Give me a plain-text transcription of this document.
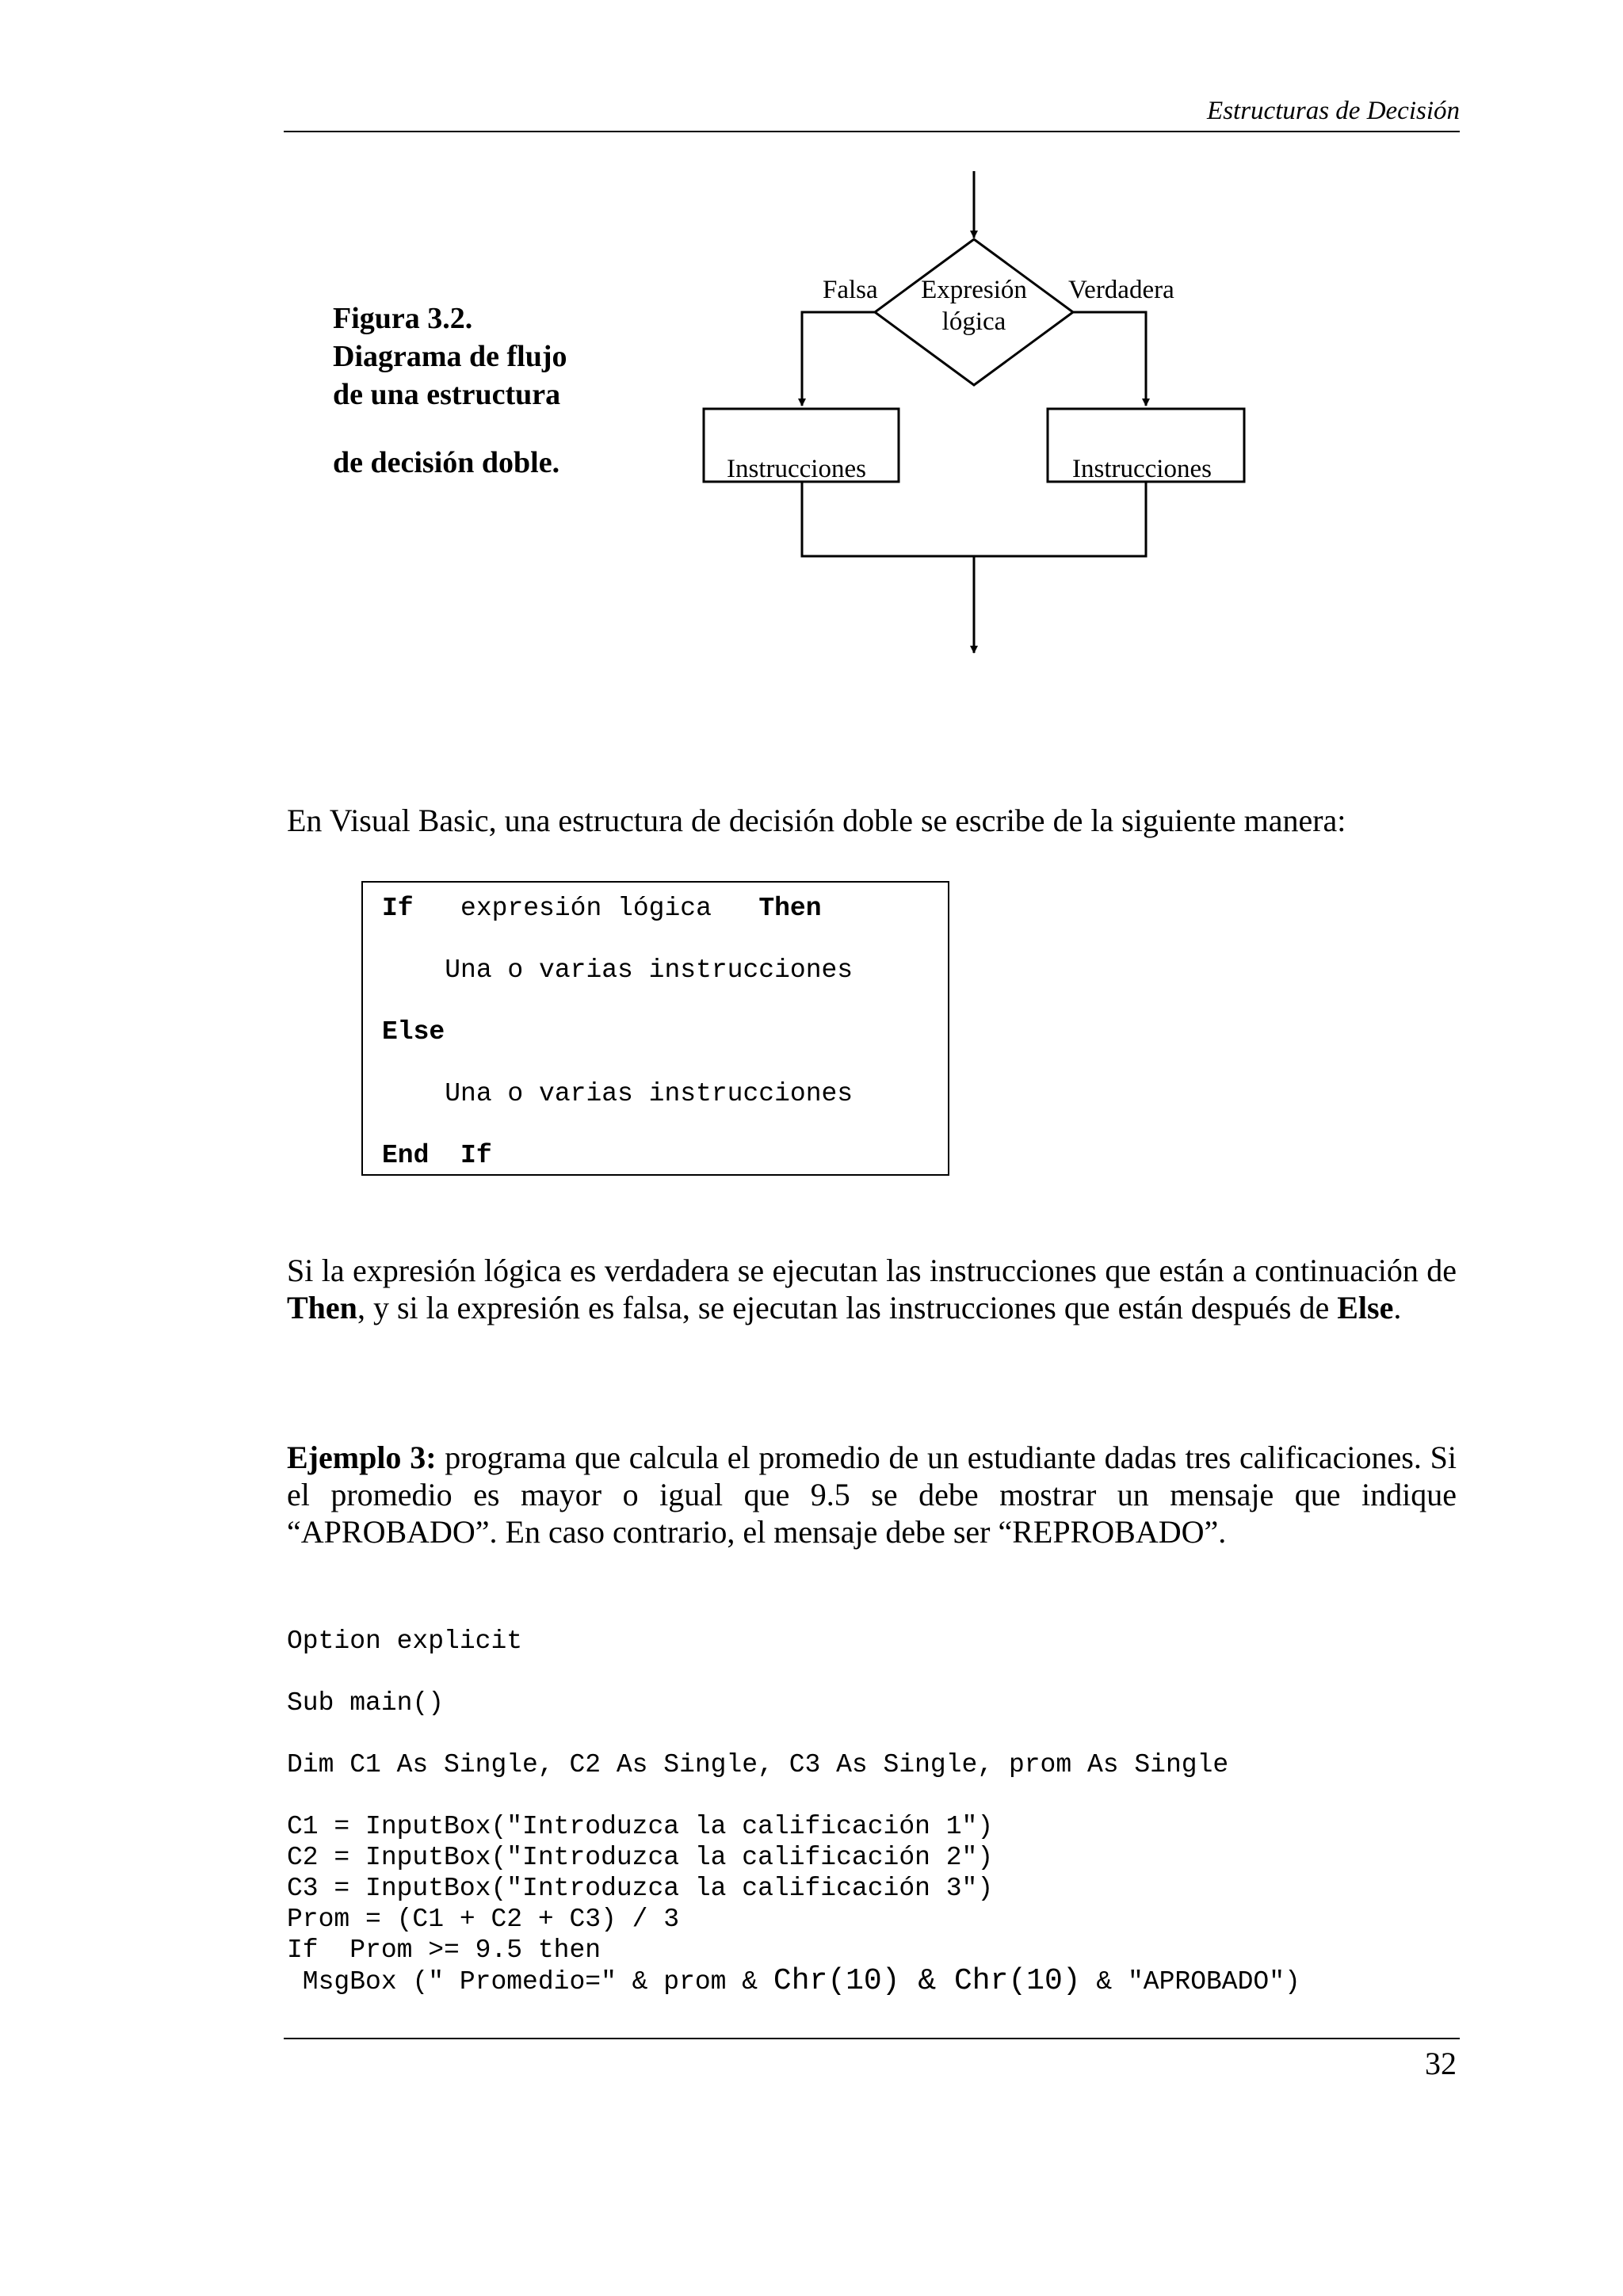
Estructuras de Decisión
Figura 3.2.
Diagrama de flujo
de una estructura
de decisión doble.
Expresión
lógica
Falsa	Verdadera
Instrucciones	Instrucciones
En Visual Basic, una estructura de decisión doble se escribe de la siguiente manera:
If expresión lógica Then
Una o varias instrucciones
Else
Una o varias instrucciones
End  If
Si la expresión lógica es verdadera se ejecutan las instrucciones que están a continuación de Then, y si la expresión es falsa, se ejecutan las instrucciones que están después de Else.
Ejemplo 3: programa que calcula el promedio de un estudiante dadas tres calificaciones. Si el promedio es mayor o igual que 9.5 se debe mostrar un mensaje que indique “APROBADO”. En caso contrario, el mensaje debe ser “REPROBADO”.
Option explicit
Sub main()
Dim C1 As Single, C2 As Single, C3 As Single, prom As Single
C1 = InputBox("Introduzca la calificación 1")
C2 = InputBox("Introduzca la calificación 2")
C3 = InputBox("Introduzca la calificación 3")
Prom = (C1 + C2 + C3) / 3
If  Prom >= 9.5 then
MsgBox (" Promedio=" & prom & Chr(10) & Chr(10) & "APROBADO")
32
